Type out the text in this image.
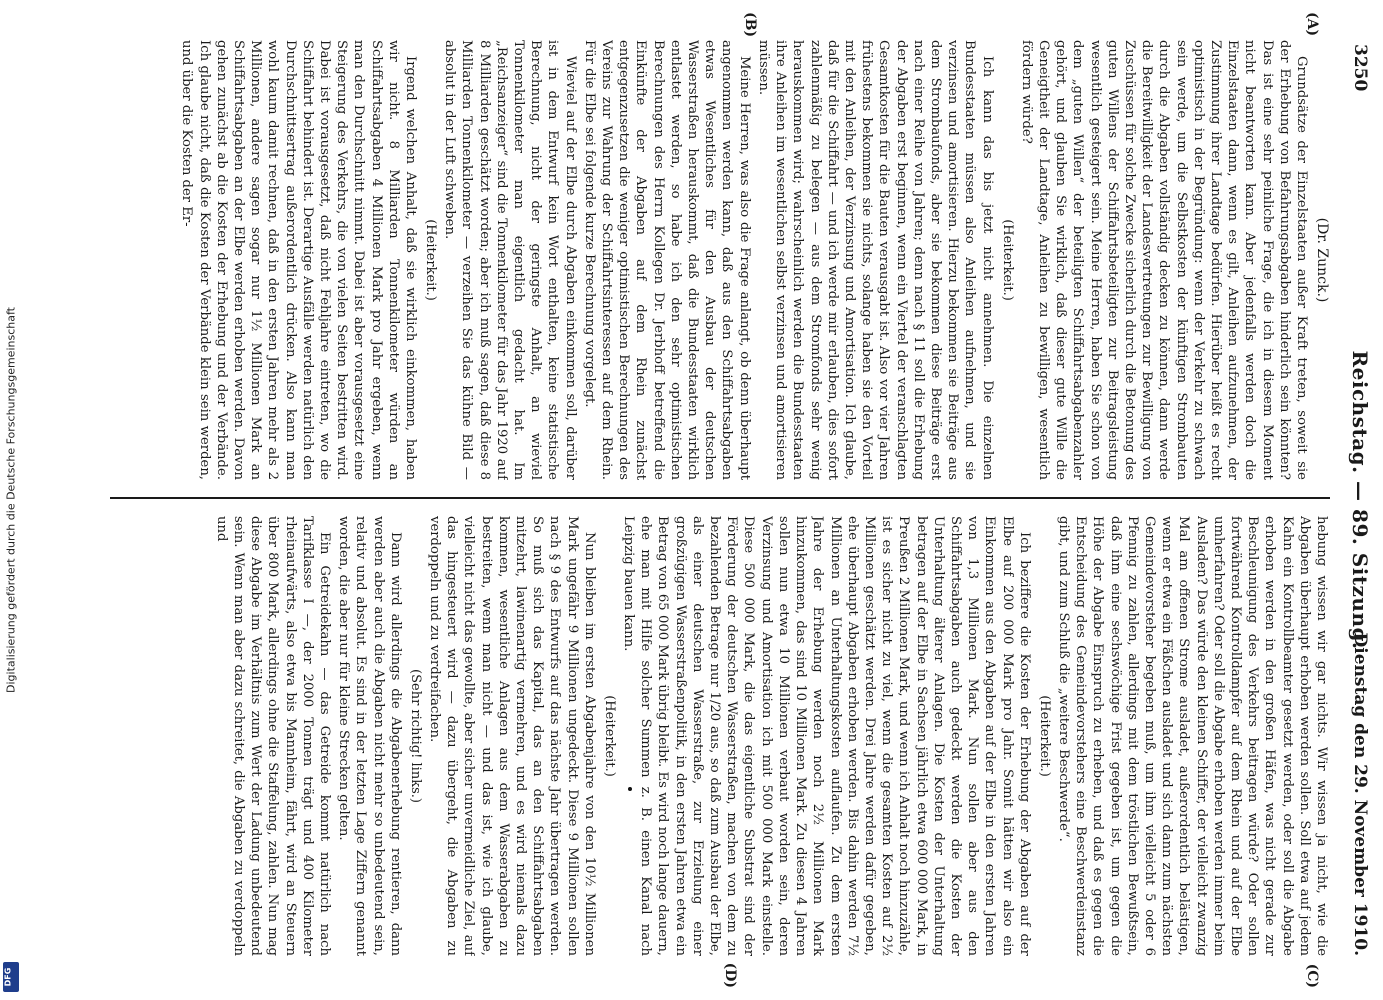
Digitalisierung gefördert durch die Deutsche Forschungsgemeinschaft
DFG
3250
Reichstag. — 89. Sitzung.
Dienstag den 29. November 1910.
(A)
(B)
(C)
(D)
(Dr. Zunck.)

Grundsätze der Einzelstaaten außer Kraft treten, soweit sie der Erhebung von Befahrungsabgaben hinderlich sein könnten? Das ist eine sehr peinliche Frage, die ich in diesem Moment nicht beantworten kann. Aber jedenfalls werden doch die Einzelstaaten dann, wenn es gilt, Anleihen aufzunehmen, der Zustimmung ihrer Landtage bedürfen. Hierüber heißt es recht optimistisch in der Begründung: wenn der Verkehr zu schwach sein werde, um die Selbstkosten der künftigen Strombauten durch die Abgaben vollständig decken zu können, dann werde die Bereitwilligkeit der Landesvertretungen zur Bewilligung von Zuschüssen für solche Zwecke sicherlich durch die Betonung des guten Willens der Schiffahrtsbeteiligten zur Beitragsleistung wesentlich gesteigert sein. Meine Herren, haben Sie schon von dem „guten Willen“ der beteiligten Schiffahrtsabgabenzahler gehört, und glauben Sie wirklich, daß dieser gute Wille die Geneigtheit der Landtage, Anleihen zu bewilligen, wesentlich fördern würde?

(Heiterkeit.)

Ich kann das bis jetzt nicht annehmen. Die einzelnen Bundesstaaten müssen also Anleihen aufnehmen, und sie verzinsen und amortisieren. Hierzu bekommen sie Beiträge aus dem Strombaufonds, aber sie bekommen diese Beiträge erst nach einer Reihe von Jahren; denn nach § 11 soll die Erhebung der Abgaben erst beginnen, wenn ein Viertel der veranschlagten Gesamtkosten für die Bauten verausgabt ist. Also vor vier Jahren frühestens bekommen sie nichts, solange haben sie den Vorteil mit den Anleihen, der Verzinsung und Amortisation. Ich glaube, daß für die Schiffahrt — und ich werde mir erlauben, dies sofort zahlenmäßig zu belegen — aus dem Stromfonds sehr wenig herauskommen wird; wahrscheinlich werden die Bundesstaaten ihre Anleihen im wesentlichen selbst verzinsen und amortisieren müssen.

Meine Herren, was also die Frage anlangt, ob denn überhaupt angenommen werden kann, daß aus den Schiffahrtsabgaben etwas Wesentliches für den Ausbau der deutschen Wasserstraßen herauskommt, daß die Bundesstaaten wirklich entlastet werden, so habe ich den sehr optimistischen Berechnungen des Herrn Kollegen Dr. Jerbhoff betreffend die Einkünfte der Abgaben auf dem Rhein zunächst entgegenzusetzen die weniger optimistischen Berechnungen des Vereins zur Wahrung der Schiffahrtsinteressen auf dem Rhein. Für die Elbe sei folgende kurze Berechnung vorgelegt.

Wieviel auf der Elbe durch Abgaben einkommen soll, darüber ist in dem Entwurf kein Wort enthalten, keine statistische Berechnung, nicht der geringste Anhalt, an wieviel Tonnenkilometer man eigentlich gedacht hat. Im „Reichsanzeiger“ sind die Tonnenkilometer für das Jahr 1920 auf 8 Milliarden geschätzt worden; aber ich muß sagen, daß diese 8 Milliarden Tonnenkilometer — verzeihen Sie das kühne Bild — absolut in der Luft schweben.

(Heiterkeit.)

Irgend welchen Anhalt, daß sie wirklich einkommen, haben wir nicht. 8 Milliarden Tonnenkilometer würden an Schiffahrtsabgaben 4 Millionen Mark pro Jahr ergeben, wenn man den Durchschnitt nimmt. Dabei ist aber vorausgesetzt eine Steigerung des Verkehrs, die von vielen Seiten bestritten wird. Dabei ist vorausgesetzt, daß nicht Fehljahre eintreten, wo die Schiffahrt behindert ist. Derartige Ausfälle werden natürlich den Durchschnittsertrag außerordentlich drücken. Also kann man wohl kaum damit rechnen, daß in den ersten Jahren mehr als 2 Millionen, andere sagen sogar nur 1½ Millionen Mark an Schiffahrtsabgaben an der Elbe werden erhoben werden. Davon gehen zunächst ab die Kosten der Erhebung und der Verbände. Ich glaube nicht, daß die Kosten der Verbände klein sein werden, und über die Kosten der Er-

hebung wissen wir gar nichts. Wir wissen ja nicht, wie die Abgaben überhaupt erhoben werden sollen. Soll etwa auf jedem Kahn ein Kontrollbeamter gesetzt werden, oder soll die Abgabe erhoben werden in den großen Häfen, was nicht gerade zur Beschleunigung des Verkehrs beitragen würde? Oder sollen fortwährend Kontrolldampfer auf dem Rhein und auf der Elbe umherfahren? Oder soll die Abgabe erhoben werden immer beim Ausladen? Das würde den kleinen Schiffer, der vielleicht zwanzig Mal am offenen Strome ausladet, außerordentlich belästigen, wenn er etwa ein Fäßchen ausladet und sich dann zum nächsten Gemeindevorsteher begeben muß, um ihm vielleicht 5 oder 6 Pfennig zu zahlen, allerdings mit dem tröstlichen Bewußtsein, daß ihm eine sechswöchige Frist gegeben ist, um gegen die Höhe der Abgabe Einspruch zu erheben, und daß es gegen die Entscheidung des Gemeindevorstehers eine Beschwerdeinstanz gibt, und zum Schluß die „weitere Beschwerde“.

(Heiterkeit.)

Ich beziffere die Kosten der Erhebung der Abgaben auf der Elbe auf 200 000 Mark pro Jahr. Somit hätten wir also ein Einkommen aus den Abgaben auf der Elbe in den ersten Jahren von 1,3 Millionen Mark. Nun sollen aber aus den Schiffahrtsabgaben auch gedeckt werden die Kosten der Unterhaltung älterer Anlagen. Die Kosten der Unterhaltung betragen auf der Elbe in Sachsen jährlich etwa 600 000 Mark, in Preußen 2 Millionen Mark, und wenn ich Anhalt noch hinzuzähle, ist es sicher nicht zu viel, wenn die gesamten Kosten auf 2½ Millionen geschätzt werden. Drei Jahre werden dafür gegeben, ehe überhaupt Abgaben erhoben werden. Bis dahin werden 7½ Millionen an Unterhaltungskosten auflaufen. Zu dem ersten Jahre der Erhebung werden noch 2½ Millionen Mark hinzukommen, das sind 10 Millionen Mark. Zu diesen 4 Jahren sollen nun etwa 10 Millionen verbaut worden sein, deren Verzinsung und Amortisation ich mit 500 000 Mark einstelle. Diese 500 000 Mark, die das eigentliche Substrat sind der Förderung der deutschen Wasserstraßen, machen von dem zu bezahlenden Betrage nur 1/20 aus, so daß zum Ausbau der Elbe, als einer deutschen Wasserstraße, zur Erzielung einer großzügigen Wasserstraßenpolitik, in den ersten Jahren etwa ein Betrag von 65 000 Mark übrig bleibt. Es wird noch lange dauern, ehe man mit Hilfe solcher Summen z. B. einen Kanal nach Leipzig bauen kann.

(Heiterkeit.)

Nun bleiben im ersten Abgabenjahre von den 10½ Millionen Mark ungefähr 9 Millionen ungedeckt. Diese 9 Millionen sollen nach § 9 des Entwurfs auf das nächste Jahr übertragen werden. So muß sich das Kapital, das an den Schiffahrtsabgaben mitzehrt, lawinenartig vermehren, und es wird niemals dazu kommen, wesentliche Anlagen aus dem Wasserabgaben zu bestreiten, wenn man nicht — und das ist, wie ich glaube, vielleicht nicht das gewollte, aber sicher unvermeidliche Ziel, auf das hingesteuert wird — dazu übergeht, die Abgaben zu verdoppeln und zu verdreifachen.

(Sehr richtig! links.)

Dann wird allerdings die Abgabenerhebung rentieren, dann werden aber auch die Abgaben nicht mehr so unbedeutend sein, relativ und absolut. Es sind in der letzten Lage Ziffern genannt worden, die aber nur für kleine Strecken gelten.

Ein Getreidekahn — das Getreide kommt natürlich nach Tarifklasse I —, der 2000 Tonnen trägt und 400 Kilometer rheinaufwärts, also etwa bis Mannheim, fährt, wird an Steuern über 800 Mark, allerdings ohne die Staffelung, zahlen. Nun mag diese Abgabe im Verhältnis zum Wert der Ladung unbedeutend sein. Wenn man aber dazu schreitet, die Abgaben zu verdoppeln und
